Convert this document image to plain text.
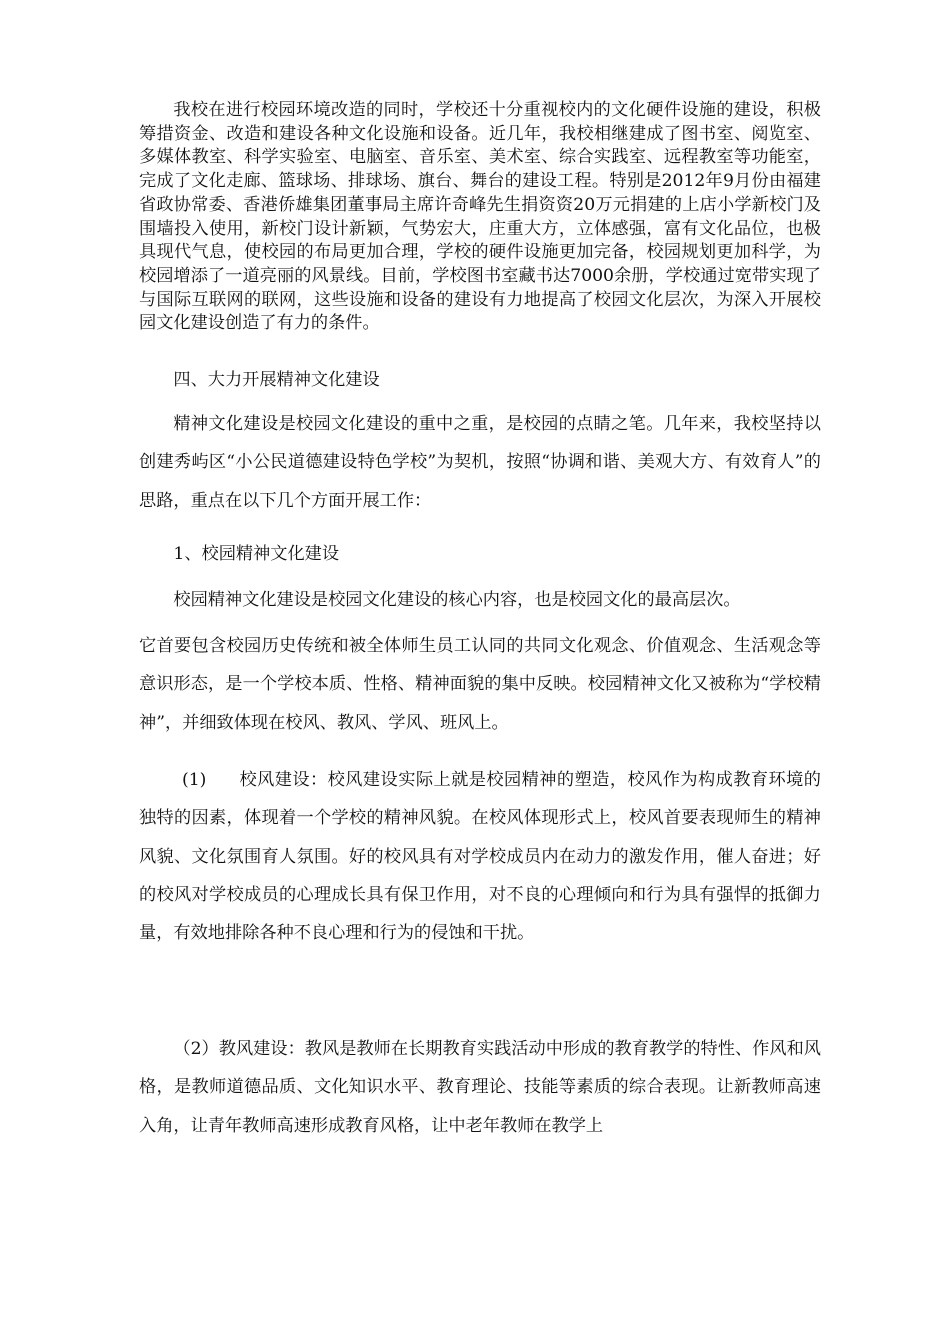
我校在进行校园环境改造的同时，学校还十分重视校内的文化硬件设施的建设，积极筹措资金、改造和建设各种文化设施和设备。近几年，我校相继建成了图书室、阅览室、多媒体教室、科学实验室、电脑室、音乐室、美术室、综合实践室、远程教室等功能室，完成了文化走廊、篮球场、排球场、旗台、舞台的建设工程。特别是2012年9月份由福建省政协常委、香港侨雄集团董事局主席许奇峰先生捐资资20万元捐建的上店小学新校门及围墙投入使用，新校门设计新颖，气势宏大，庄重大方，立体感强，富有文化品位，也极具现代气息，使校园的布局更加合理，学校的硬件设施更加完备，校园规划更加科学，为校园增添了一道亮丽的风景线。目前，学校图书室藏书达7000余册，学校通过宽带实现了与国际互联网的联网，这些设施和设备的建设有力地提高了校园文化层次，为深入开展校园文化建设创造了有力的条件。

四、大力开展精神文化建设

精神文化建设是校园文化建设的重中之重，是校园的点睛之笔。几年来，我校坚持以创建秀屿区“小公民道德建设特色学校”为契机，按照“协调和谐、美观大方、有效育人”的思路，重点在以下几个方面开展工作：

1、校园精神文化建设

校园精神文化建设是校园文化建设的核心内容，也是校园文化的最高层次。

它首要包含校园历史传统和被全体师生员工认同的共同文化观念、价值观念、生活观念等意识形态，是一个学校本质、性格、精神面貌的集中反映。校园精神文化又被称为“学校精神”，并细致体现在校风、教风、学风、班风上。

(1) 校风建设：校风建设实际上就是校园精神的塑造，校风作为构成教育环境的独特的因素，体现着一个学校的精神风貌。在校风体现形式上，校风首要表现师生的精神风貌、文化氛围育人氛围。好的校风具有对学校成员内在动力的激发作用，催人奋进；好的校风对学校成员的心理成长具有保卫作用，对不良的心理倾向和行为具有强悍的抵御力量，有效地排除各种不良心理和行为的侵蚀和干扰。

（2）教风建设：教风是教师在长期教育实践活动中形成的教育教学的特性、作风和风格，是教师道德品质、文化知识水平、教育理论、技能等素质的综合表现。让新教师高速入角，让青年教师高速形成教育风格，让中老年教师在教学上
